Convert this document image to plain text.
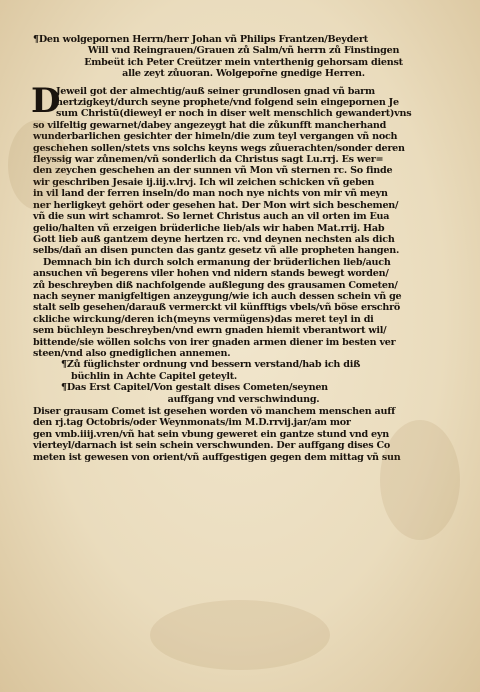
¶Den wolgepornen Herrn/herr Johan vñ Philips Frantzen/Beydert
Will vnd Reingrauen/Grauen zů Salm/vñ herrn zů Finstingen
Embeüt ich Peter Creützer mein vnterthenig gehorsam dienst
alle zeyt zůuoran. Wolgepor̄ne gnedige Herren.
D
Jeweil got der almechtig/auß seiner grundlosen gnad vñ barm
hertzigkeyt/durch seyne prophete/vnd folgend sein eingepornen Je
sum Christū(dieweyl er noch in diser welt menschlich gewandert)vns
so vilfeltig gewarnet/dabey angezeygt hat die zůkunfft mancherhand
wunderbarlichen gesichter der himeln/die zum teyl vergangen vñ noch
geschehen sollen/stets vns solchs keyns wegs zůuerachten/sonder deren
fleyssig war zůnemen/vñ sonderlich da Christus sagt Lu.rrj. Es wer=
den zeychen geschehen an der sunnen vñ Mon vñ sternen rc. So finde
wir geschriben Jesaie ij.iij.v.lrvj. Ich wil zeichen schicken vñ geben
in vil land der ferren inseln/do man noch nye nichts von mir vñ meyn
ner herligkeyt gehört oder gesehen hat. Der Mon wirt sich beschemen/
vñ die sun wirt schamrot. So lernet Christus auch an vil orten im Eua
gelio/halten vñ erzeigen brüderliche lieb/als wir haben Mat.rrij. Hab
Gott lieb auß gantzem deyne hertzen rc. vnd deynen nechsten als dich
selbs/dañ an disen puncten das gantz gesetz vñ alle propheten hangen.
Demnach bin ich durch solch ermanung der brüderlichen lieb/auch
ansuchen vñ begerens viler hohen vnd nidern stands bewegt worden/
zů beschreyben diß nachfolgende außlegung des grausamen Cometen/
nach seyner manigfeltigen anzeygung/wie ich auch dessen schein vñ ge
stalt selb gesehen/darauß vermerckt vil künfftigs vbels/vñ böse erschrö
ckliche wirckung/deren ich(meyns vermügens)das meret teyl in di
sem büchleyn beschreyben/vnd ewrn gnaden hiemit vberantwort wil/
bittende/sie wöllen solchs von irer gnaden armen diener im besten ver
steen/vnd also gnediglichen annemen.
¶Zů füglichster ordnung vnd bessern verstand/hab ich diß
büchlin in Achte Capitel geteylt.
¶Das Erst Capitel/Von gestalt dises Cometen/seynen
auffgang vnd verschwindung.
Diser grausam Comet ist gesehen worden vö manchem menschen auff
den rj.tag Octobris/oder Weynmonats/im M.D.rrvij.jar/am mor
gen vmb.iiij.vren/vñ hat sein vbung geweret ein gantze stund vnd eyn
vierteyl/darnach ist sein schein verschwunden. Der auffgang dises Co
meten ist gewesen von orient/vñ auffgestigen gegen dem mittag vñ sun
